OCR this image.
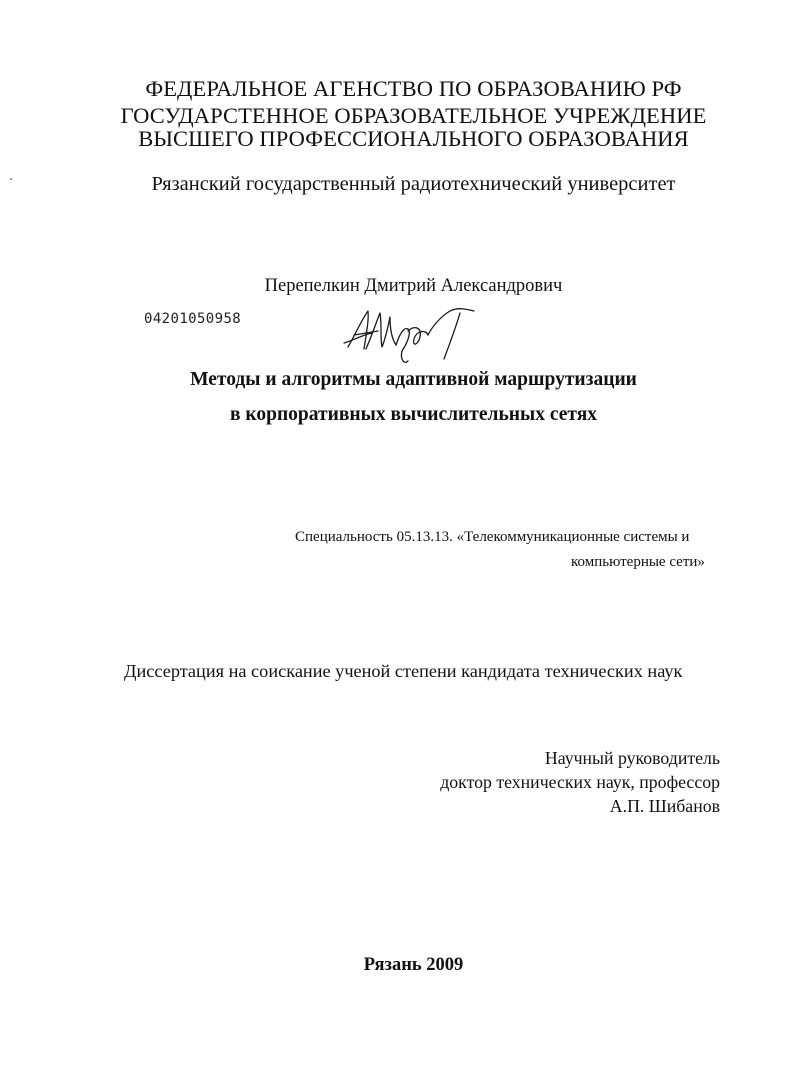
ФЕДЕРАЛЬНОЕ АГЕНСТВО ПО ОБРАЗОВАНИЮ РФ
ГОСУДАРСТЕННОЕ ОБРАЗОВАТЕЛЬНОЕ УЧРЕЖДЕНИЕ
ВЫСШЕГО ПРОФЕССИОНАЛЬНОГО ОБРАЗОВАНИЯ
Рязанский государственный радиотехнический университет
Перепелкин Дмитрий Александрович
04201050958
Методы и алгоритмы адаптивной маршрутизации
в корпоративных вычислительных сетях
Специальность 05.13.13. «Телекоммуникационные системы и
компьютерные сети»
Диссертация на соискание ученой степени кандидата технических наук
Научный руководитель
доктор технических наук, профессор
А.П. Шибанов
Рязань 2009
